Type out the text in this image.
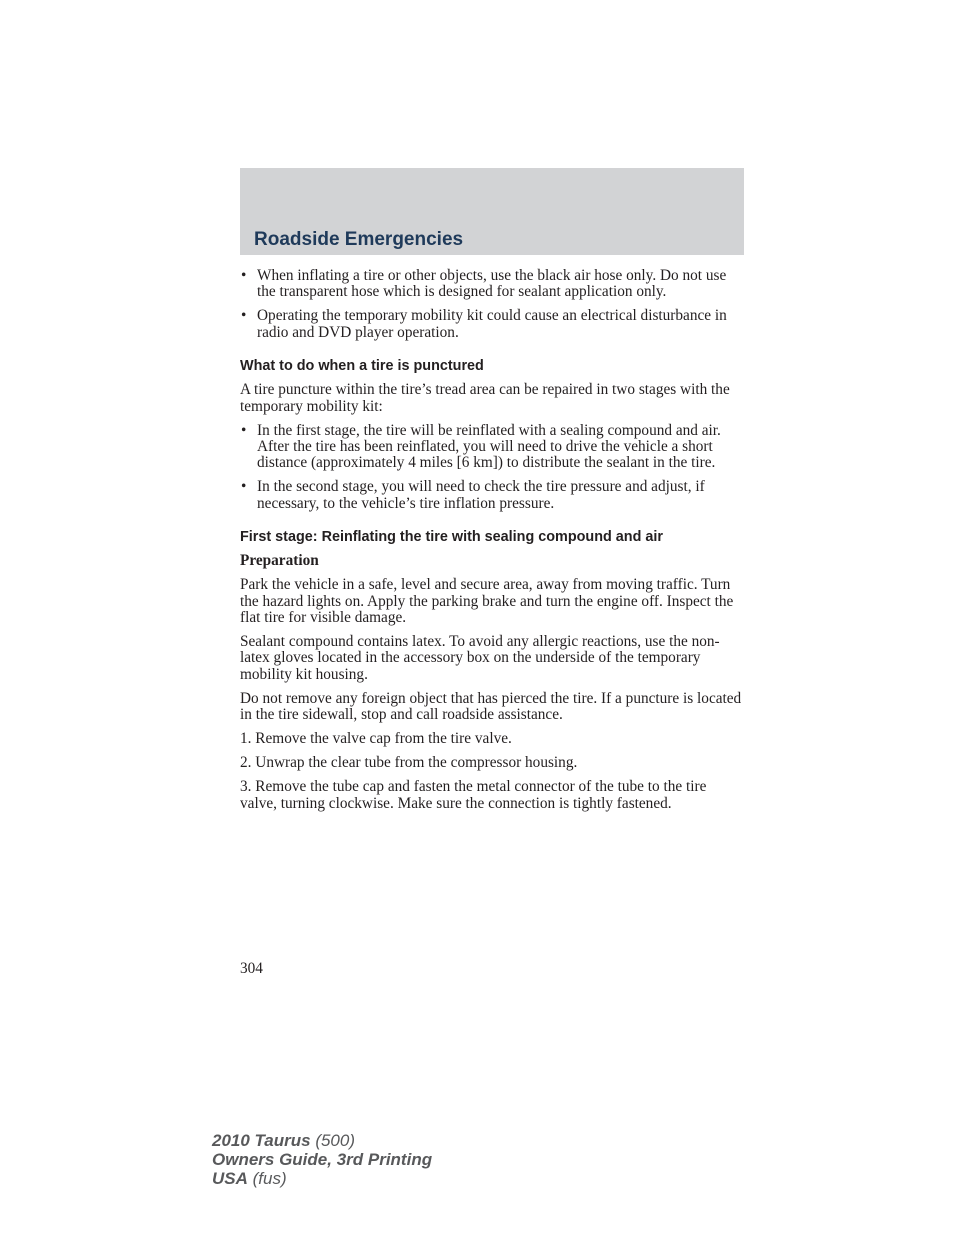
Roadside Emergencies
• When inflating a tire or other objects, use the black air hose only. Do not use the transparent hose which is designed for sealant application only.
• Operating the temporary mobility kit could cause an electrical disturbance in radio and DVD player operation.
What to do when a tire is punctured

A tire puncture within the tire’s tread area can be repaired in two stages with the temporary mobility kit:

• In the first stage, the tire will be reinflated with a sealing compound and air. After the tire has been reinflated, you will need to drive the vehicle a short distance (approximately 4 miles [6 km]) to distribute the sealant in the tire.
• In the second stage, you will need to check the tire pressure and adjust, if necessary, to the vehicle’s tire inflation pressure.
First stage: Reinflating the tire with sealing compound and air
Preparation

Park the vehicle in a safe, level and secure area, away from moving traffic. Turn the hazard lights on. Apply the parking brake and turn the engine off. Inspect the flat tire for visible damage.

Sealant compound contains latex. To avoid any allergic reactions, use the non-latex gloves located in the accessory box on the underside of the temporary mobility kit housing.

Do not remove any foreign object that has pierced the tire. If a puncture is located in the tire sidewall, stop and call roadside assistance.

1. Remove the valve cap from the tire valve.

2. Unwrap the clear tube from the compressor housing.

3. Remove the tube cap and fasten the metal connector of the tube to the tire valve, turning clockwise. Make sure the connection is tightly fastened.

304
2010 Taurus (500)
Owners Guide, 3rd Printing
USA (fus)
